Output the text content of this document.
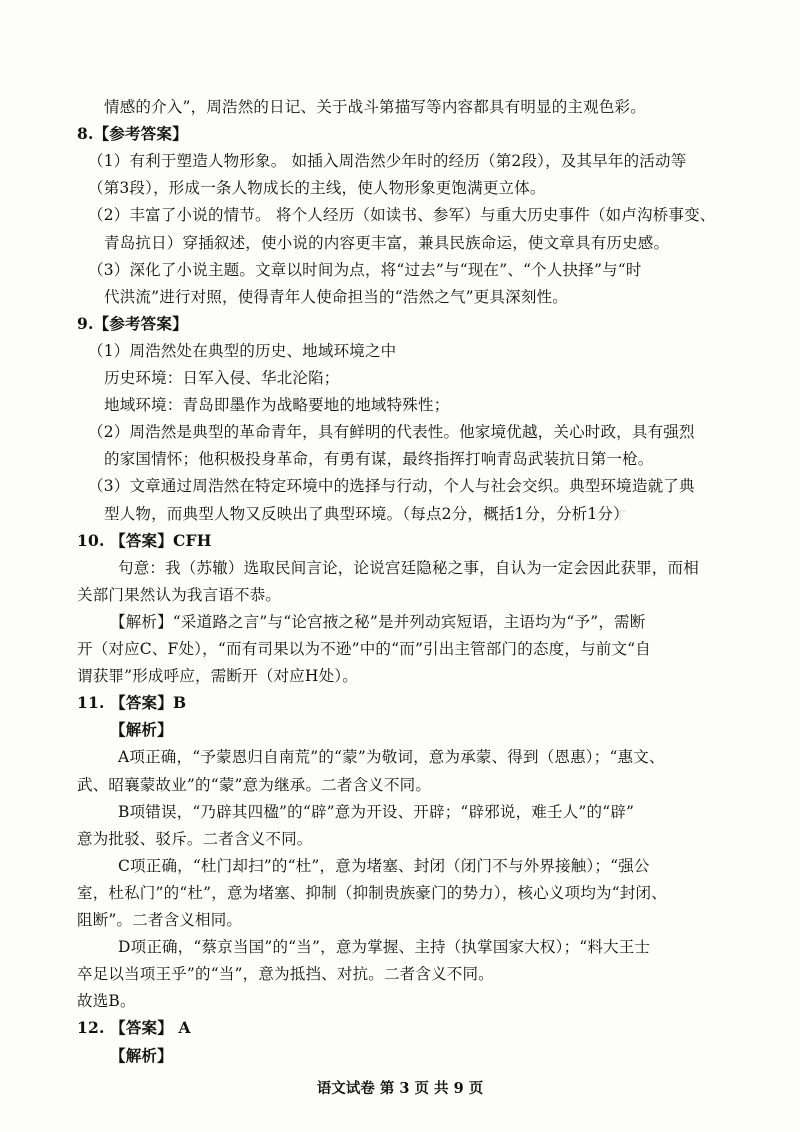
情感的介入”，周浩然的日记、关于战斗第描写等内容都具有明显的主观色彩。
8.【参考答案】
（1）有利于塑造人物形象。 如插入周浩然少年时的经历（第2段），及其早年的活动等
（第3段），形成一条人物成长的主线，使人物形象更饱满更立体。
（2）丰富了小说的情节。 将个人经历（如读书、参军）与重大历史事件（如卢沟桥事变、
青岛抗日）穿插叙述，使小说的内容更丰富，兼具民族命运，使文章具有历史感。
（3）深化了小说主题。文章以时间为点，将“过去”与“现在”、“个人抉择”与“时
代洪流”进行对照，使得青年人使命担当的“浩然之气”更具深刻性。
9.【参考答案】
（1）周浩然处在典型的历史、地域环境之中
历史环境：日军入侵、华北沦陷；
地域环境：青岛即墨作为战略要地的地域特殊性；
（2）周浩然是典型的革命青年，具有鲜明的代表性。他家境优越，关心时政，具有强烈
的家国情怀；他积极投身革命，有勇有谋，最终指挥打响青岛武装抗日第一枪。
（3）文章通过周浩然在特定环境中的选择与行动，个人与社会交织。典型环境造就了典
型人物，而典型人物又反映出了典型环境。（每点2分，概括1分，分析1分）
10. 【答案】CFH
句意：我（苏辙）选取民间言论，论说宫廷隐秘之事，自认为一定会因此获罪，而相
关部门果然认为我言语不恭。
【解析】“采道路之言”与“论宫掖之秘”是并列动宾短语，主语均为“予”，需断
开（对应C、F处），“而有司果以为不逊”中的“而”引出主管部门的态度，与前文“自
谓获罪”形成呼应，需断开（对应H处）。
11. 【答案】B
【解析】
A项正确，“予蒙恩归自南荒”的“蒙”为敬词，意为承蒙、得到（恩惠）；“惠文、
武、昭襄蒙故业”的“蒙”意为继承。二者含义不同。
B项错误，“乃辟其四楹”的“辟”意为开设、开辟；“辟邪说，难壬人”的“辟”
意为批驳、驳斥。二者含义不同。
C项正确，“杜门却扫”的“杜”，意为堵塞、封闭（闭门不与外界接触）；“强公
室，杜私门”的“杜”，意为堵塞、抑制（抑制贵族豪门的势力），核心义项均为“封闭、
阻断”。二者含义相同。
D项正确，“蔡京当国”的“当”，意为掌握、主持（执掌国家大权）；“料大王士
卒足以当项王乎”的“当”，意为抵挡、对抗。二者含义不同。
故选B。
12. 【答案】 A
【解析】
语文试卷 第 3 页 共 9 页
